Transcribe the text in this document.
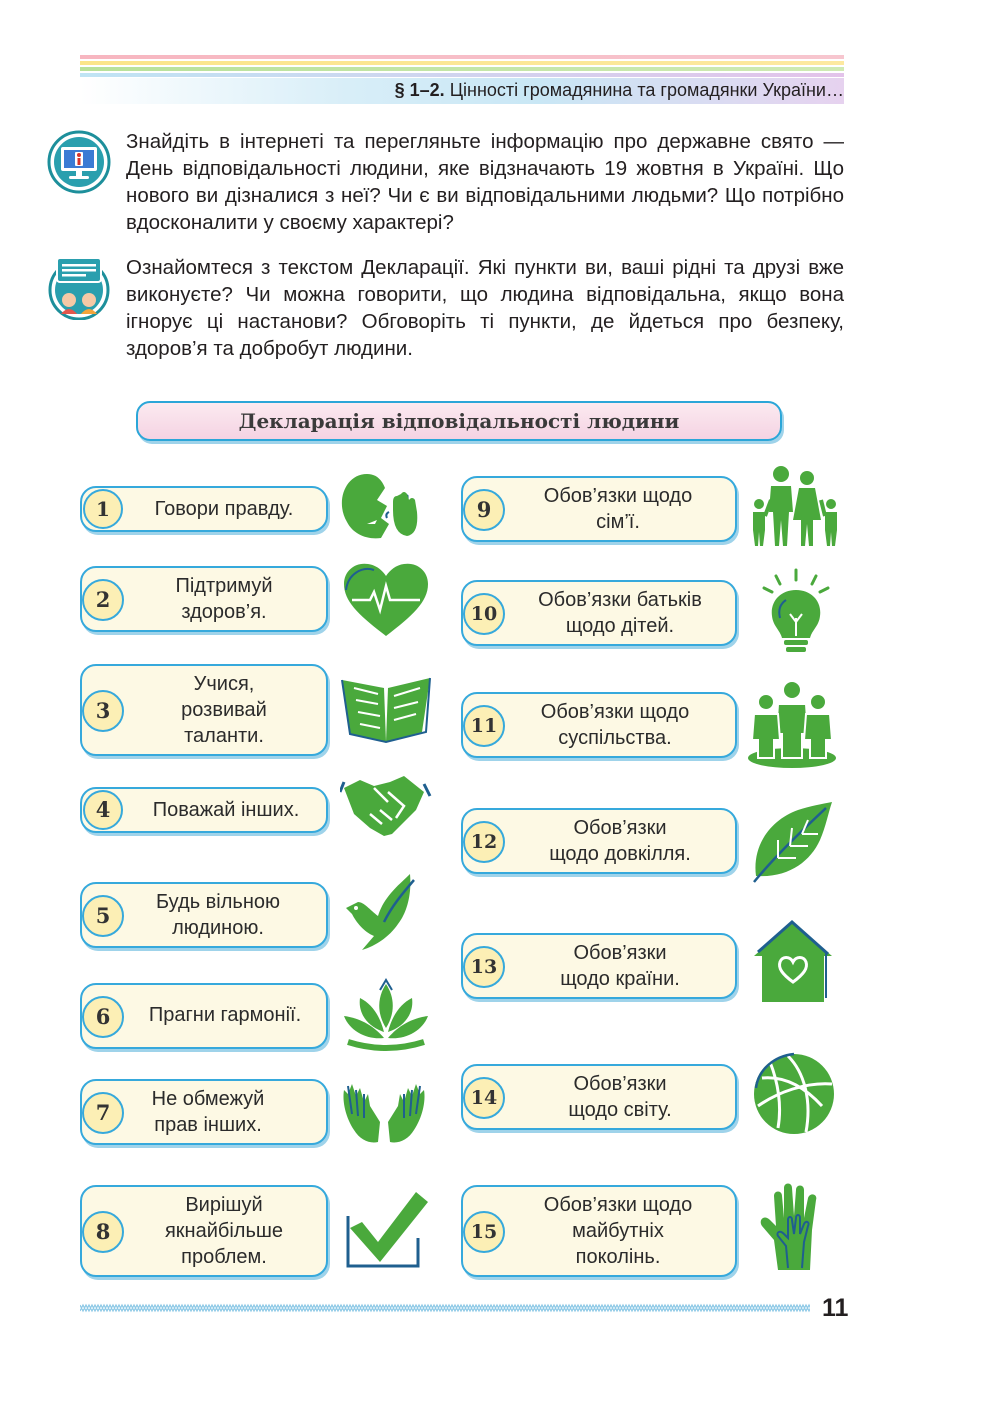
§ 1–2. Цінності громадянина та громадянки України…

Знайдіть в інтернеті та перегляньте інформацію про державне свято — День відповідальності людини, яке відзначають 19 жовтня в Україні. Що нового ви дізналися з неї? Чи є ви відповідальними людьми? Що потрібно вдосконалити у своєму характері?

Ознайомтеся з текстом Декларації. Які пункти ви, ваші рідні та друзі вже виконуєте? Чи можна говорити, що людина відповідальна, якщо вона ігнорує ці настанови? Обговоріть ті пункти, де йдеться про безпеку, здоров’я та добробут людини.

Декларація відповідальності людини
1	Говори правду.
2
Підтримуй
здоров’я.
3
Учися,
розвивай
таланти.
4	Поважай інших.
5
Будь вільною
людиною.
6	Прагни гармонії.
7
Не обмежуй
прав інших.
8
Вирішуй
якнайбільше
проблем.
9
Обов’язки щодо
сім’ї.
10
Обов’язки батьків
щодо дітей.
11
Обов’язки щодо
суспільства.
12
Обов’язки
щодо довкілля.
13
Обов’язки
щодо країни.
14
Обов’язки
щодо світу.
15
Обов’язки щодо
майбутніх
поколінь.
11
